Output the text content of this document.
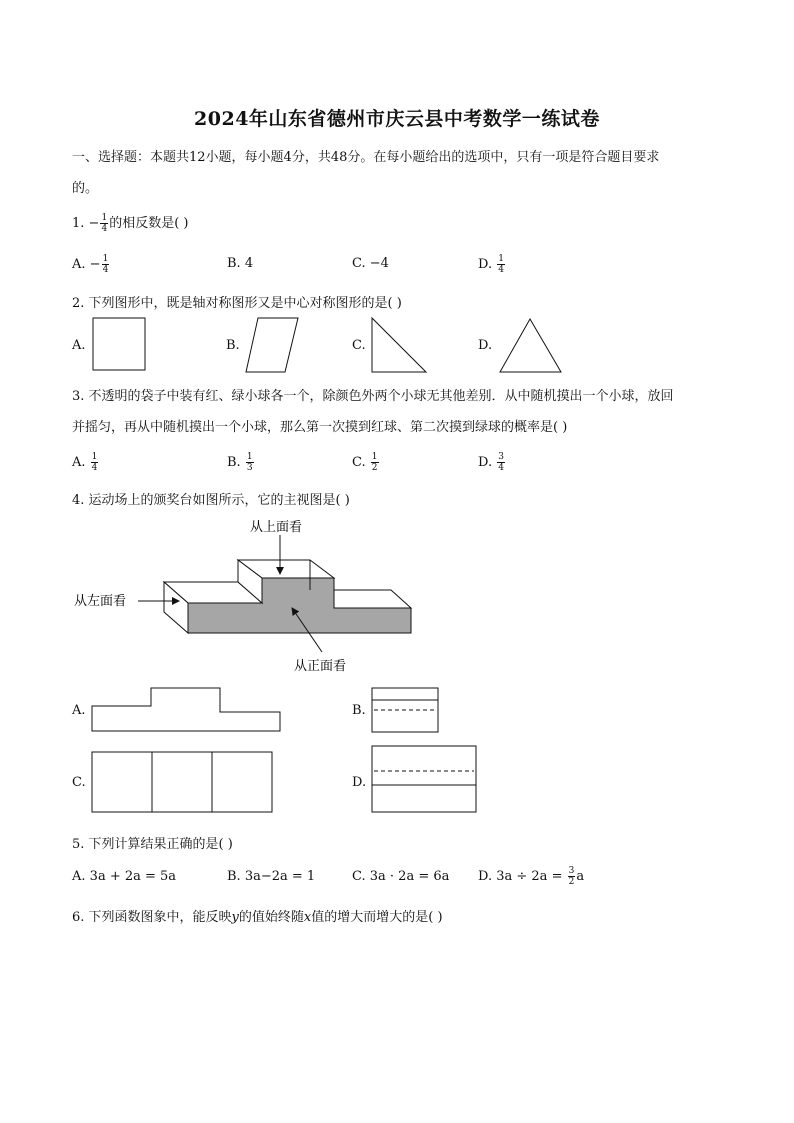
2024年山东省德州市庆云县中考数学一练试卷
一、选择题：本题共12小题，每小题4分，共48分。在每小题给出的选项中，只有一项是符合题目要求
的。
1. − $\frac{1}{4}$ 的相反数是( )
A. − $\frac{1}{4}$	B. 4	C. −4	D. $\frac{1}{4}$
2. 下列图形中，既是轴对称图形又是中心对称图形的是( )
A.	B.	C.	D.
3. 不透明的袋子中装有红、绿小球各一个，除颜色外两个小球无其他差别．从中随机摸出一个小球，放回
并摇匀，再从中随机摸出一个小球，那么第一次摸到红球、第二次摸到绿球的概率是( )
A. $\frac{1}{4}$	B. $\frac{1}{3}$	C. $\frac{1}{2}$	D. $\frac{3}{4}$
4. 运动场上的颁奖台如图所示，它的主视图是( )
从上面看
从左面看
从正面看
A.	B.
C.	D.
5. 下列计算结果正确的是( )
A. 3a + 2a = 5a	B. 3a−2a = 1	C. 3a · 2a = 6a D. $3a \div 2a = \frac{3}{2}$ a
6. 下列函数图象中，能反映y的值始终随x值的增大而增大的是( )
